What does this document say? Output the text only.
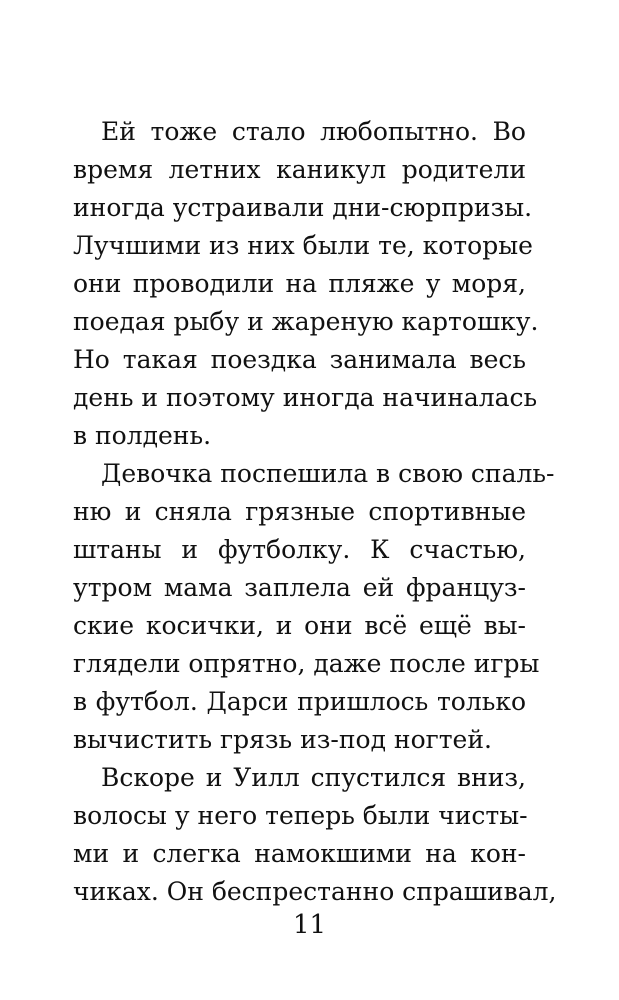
Ей тоже стало любопытно. Во
время летних каникул родители
иногда устраивали дни-сюрпризы.
Лучшими из них были те, которые
они проводили на пляже у моря,
поедая рыбу и жареную картошку.
Но такая поездка занимала весь
день и поэтому иногда начиналась
в полдень.
Девочка поспешила в свою спаль-
ню и сняла грязные спортивные
штаны и футболку. К счастью,
утром мама заплела ей француз-
ские косички, и они всё ещё вы-
глядели опрятно, даже после игры
в футбол. Дарси пришлось только
вычистить грязь из-под ногтей.
Вскоре и Уилл спустился вниз,
волосы у него теперь были чисты-
ми и слегка намокшими на кон-
чиках. Он беспрестанно спрашивал,
11
